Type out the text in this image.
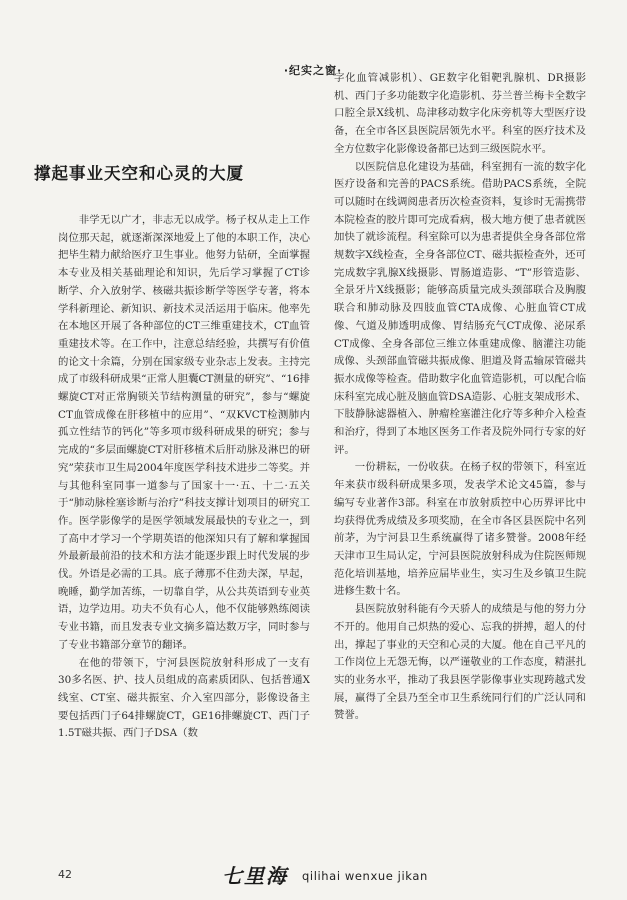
·纪实之窗·
撑起事业天空和心灵的大厦

非学无以广才，非志无以成学。杨子权从走上工作岗位那天起，就逐渐深深地爱上了他的本职工作，决心把毕生精力献给医疗卫生事业。他努力钻研，全面掌握本专业及相关基础理论和知识，先后学习掌握了CT诊断学、介入放射学、核磁共振诊断学等医学专著，将本学科新理论、新知识、新技术灵活运用于临床。他率先在本地区开展了各种部位的CT三维重建技术，CT血管重建技术等。在工作中，注意总结经验，共撰写有价值的论文十余篇，分别在国家级专业杂志上发表。主持完成了市级科研成果“正常人胆囊CT测量的研究”、“16排螺旋CT对正常胸锁关节结构测量的研究”，参与“螺旋CT血管成像在肝移植中的应用”、“双KVCT检测肺内孤立性结节的钙化”等多项市级科研成果的研究；参与完成的“多层面螺旋CT对肝移植术后肝动脉及淋巴的研究”荣获市卫生局2004年度医学科技术进步二等奖。并与其他科室同事一道参与了国家十一·五、十二·五关于“肺动脉栓塞诊断与治疗”科技支撑计划项目的研究工作。医学影像学的是医学领域发展最快的专业之一，到了高中才学习一个学期英语的他深知只有了解和掌握国外最新最前沿的技术和方法才能逐步跟上时代发展的步伐。外语是必需的工具。底子薄那不住劲夫深，早起，晚睡，勤学加苦练，一切靠自学，从公共英语到专业英语，边学边用。功夫不负有心人，他不仅能够熟练阅读专业书籍，而且发表专业文摘多篇达数万字，同时参与了专业书籍部分章节的翻译。

在他的带领下，宁河县医院放射科形成了一支有30多名医、护、技人员组成的高素质团队、包括普通X线室、CT室、磁共振室、介入室四部分，影像设备主要包括西门子64排螺旋CT，GE16排螺旋CT、西门子1.5T磁共振、西门子DSA（数

字化血管减影机）、GE数字化钼靶乳腺机、DR摄影机、西门子多功能数字化造影机、芬兰普兰梅卡全数字口腔全景X线机、岛津移动数字化床旁机等大型医疗设备，在全市各区县医院居领先水平。科室的医疗技术及全方位数字化影像设备都已达到三级医院水平。

以医院信息化建设为基础，科室拥有一流的数字化医疗设备和完善的PACS系统。借助PACS系统，全院可以随时在线调阅患者历次检查资料，复诊时无需携带本院检查的胶片即可完成看病，极大地方便了患者就医加快了就诊流程。科室除可以为患者提供全身各部位常规数字X线检查，全身各部位CT、磁共振检查外，还可完成数字乳腺X线摄影、胃肠道造影、“T”形管造影、全景牙片X线摄影；能够高质量完成头颈部联合及胸腹联合和肺动脉及四肢血管CTA成像、心脏血管CT成像、气道及肺透明成像、胃结肠充气CT成像、泌尿系CT成像、全身各部位三维立体重建成像、脑灌注功能成像、头颈部血管磁共振成像、胆道及肾盂输尿管磁共振水成像等检查。借助数字化血管造影机，可以配合临床科室完成心脏及脑血管DSA造影、心脏支架成形术、下肢静脉滤器植入、肿瘤栓塞灌注化疗等多种介入检查和治疗，得到了本地区医务工作者及院外同行专家的好评。

一份耕耘，一份收获。在杨子权的带领下，科室近年来获市级科研成果多项，发表学术论文45篇，参与编写专业著作3部。科室在市放射质控中心历界评比中均获得优秀成绩及多项奖励，在全市各区县医院中名列前茅，为宁河县卫生系统赢得了诸多赞誉。2008年经天津市卫生局认定，宁河县医院放射科成为住院医师规范化培训基地，培养应届毕业生，实习生及乡镇卫生院进修生数十名。

县医院放射科能有今天骄人的成绩是与他的努力分不开的。他用自己炽热的爱心、忘我的拼搏，超人的付出，撑起了事业的天空和心灵的大厦。他在自己平凡的工作岗位上无怨无悔，以严谨敬业的工作态度，精湛扎实的业务水平，推动了我县医学影像事业实现跨越式发展，赢得了全县乃至全市卫生系统同行们的广泛认同和赞誉。

42	七里海 qilihai wenxue jikan
